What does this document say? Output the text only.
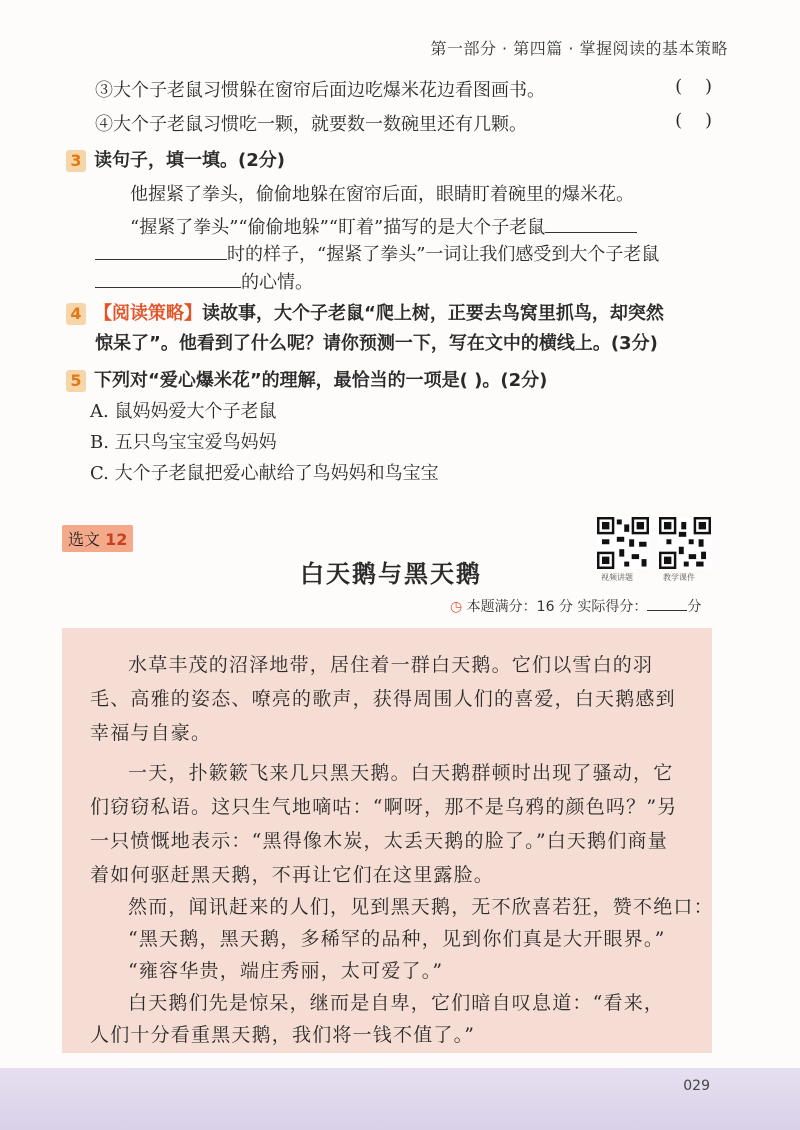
第一部分 · 第四篇 · 掌握阅读的基本策略
③大个子老鼠习惯躲在窗帘后面边吃爆米花边看图画书。	(    )
④大个子老鼠习惯吃一颗，就要数一数碗里还有几颗。	(    )
3 读句子，填一填。(2分)
他握紧了拳头，偷偷地躲在窗帘后面，眼睛盯着碗里的爆米花。
“握紧了拳头”“偷偷地躲”“盯着”描写的是大个子老鼠
时的样子，“握紧了拳头”一词让我们感受到大个子老鼠
的心情。
4 【阅读策略】读故事，大个子老鼠“爬上树，正要去鸟窝里抓鸟，却突然
惊呆了”。他看到了什么呢？请你预测一下，写在文中的横线上。(3分)
5 下列对“爱心爆米花”的理解，最恰当的一项是( )。(2分)
A. 鼠妈妈爱大个子老鼠
B. 五只鸟宝宝爱鸟妈妈
C. 大个子老鼠把爱心献给了鸟妈妈和鸟宝宝
选文 12
白天鹅与黑天鹅	视频讲题	教学课件
◷ 本题满分：16 分 实际得分：	分

水草丰茂的沼泽地带，居住着一群白天鹅。它们以雪白的羽

毛、高雅的姿态、嘹亮的歌声，获得周围人们的喜爱，白天鹅感到

幸福与自豪。

一天，扑簌簌飞来几只黑天鹅。白天鹅群顿时出现了骚动，它

们窃窃私语。这只生气地嘀咕：“啊呀，那不是乌鸦的颜色吗？”另

一只愤慨地表示：“黑得像木炭，太丢天鹅的脸了。”白天鹅们商量

着如何驱赶黑天鹅，不再让它们在这里露脸。

然而，闻讯赶来的人们，见到黑天鹅，无不欣喜若狂，赞不绝口：

“黑天鹅，黑天鹅，多稀罕的品种，见到你们真是大开眼界。”

“雍容华贵，端庄秀丽，太可爱了。”

白天鹅们先是惊呆，继而是自卑，它们暗自叹息道：“看来，

人们十分看重黑天鹅，我们将一钱不值了。”

029
